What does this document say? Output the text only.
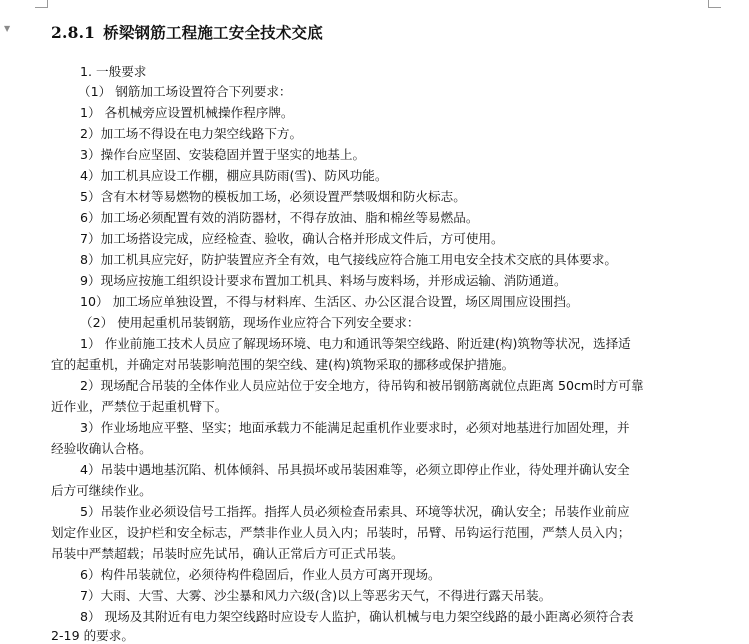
▼	2.8.1 桥梁钢筋工程施工安全技术交底
1. 一般要求
（1） 钢筋加工场设置符合下列要求：
1） 各机械旁应设置机械操作程序牌。
2）加工场不得设在电力架空线路下方。
3）操作台应坚固、安装稳固并置于坚实的地基上。
4）加工机具应设工作棚，棚应具防雨(雪)、防风功能。
5）含有木材等易燃物的模板加工场，必须设置严禁吸烟和防火标志。
6）加工场必须配置有效的消防器材，不得存放油、脂和棉丝等易燃品。
7）加工场搭设完成，应经检查、验收，确认合格并形成文件后，方可使用。
8）加工机具应完好，防护装置应齐全有效，电气接线应符合施工用电安全技术交底的具体要求。
9）现场应按施工组织设计要求布置加工机具、料场与废料场，并形成运输、消防通道。
10） 加工场应单独设置，不得与材料库、生活区、办公区混合设置，场区周围应设围挡。
（2） 使用起重机吊装钢筋，现场作业应符合下列安全要求：
1） 作业前施工技术人员应了解现场环境、电力和通讯等架空线路、附近建(构)筑物等状况，选择适
宜的起重机，并确定对吊装影响范围的架空线、建(构)筑物采取的挪移或保护措施。
2）现场配合吊装的全体作业人员应站位于安全地方，待吊钩和被吊钢筋离就位点距离 50cm时方可靠
近作业，严禁位于起重机臂下。
3）作业场地应平整、坚实；地面承载力不能满足起重机作业要求时，必须对地基进行加固处理，并
经验收确认合格。
4）吊装中遇地基沉陷、机体倾斜、吊具损坏或吊装困难等，必须立即停止作业，待处理并确认安全
后方可继续作业。
5）吊装作业必须设信号工指挥。指挥人员必须检查吊索具、环境等状况，确认安全；吊装作业前应
划定作业区，设护栏和安全标志，严禁非作业人员入内；吊装时，吊臂、吊钩运行范围，严禁人员入内；
吊装中严禁超载；吊装时应先试吊，确认正常后方可正式吊装。
6）构件吊装就位，必须待构件稳固后，作业人员方可离开现场。
7）大雨、大雪、大雾、沙尘暴和风力六级(含)以上等恶劣天气，不得进行露天吊装。
8） 现场及其附近有电力架空线路时应设专人监护，确认机械与电力架空线路的最小距离必须符合表
2-19 的要求。
